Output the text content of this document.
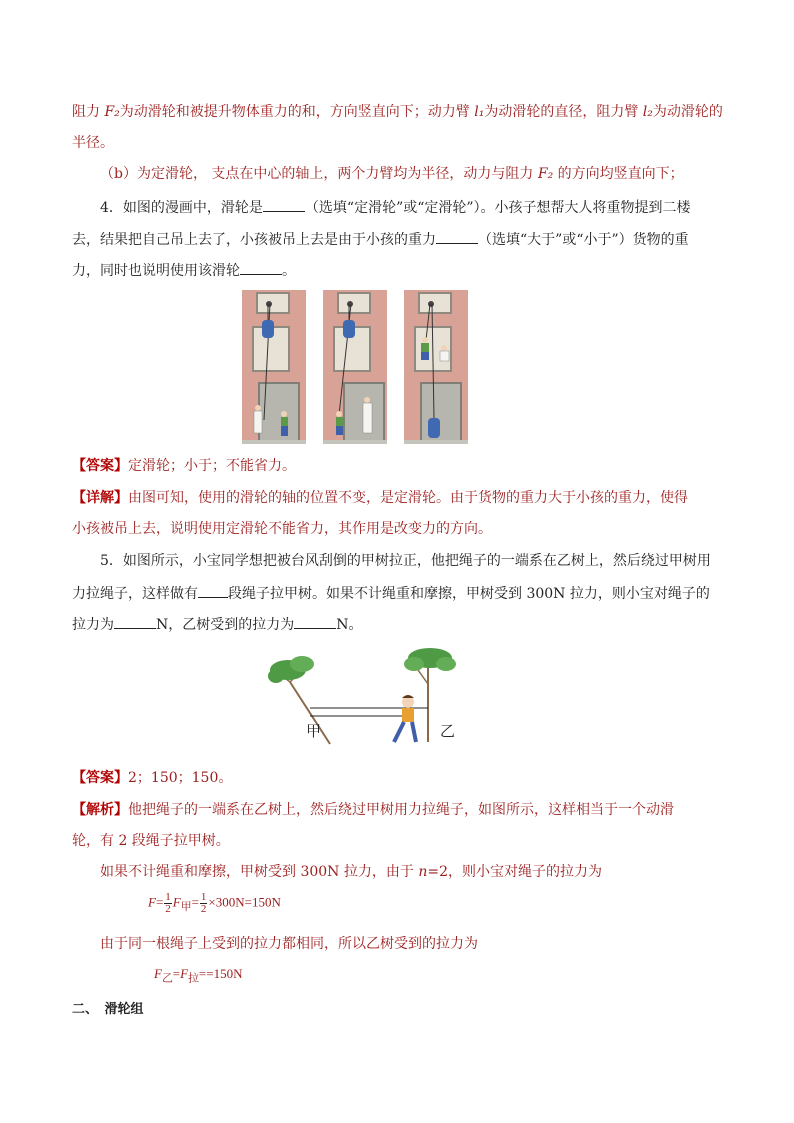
阻力 F₂为动滑轮和被提升物体重力的和，方向竖直向下；动力臂 l₁为动滑轮的直径，阻力臂 l₂为动滑轮的
半径。
（b）为定滑轮， 支点在中心的轴上，两个力臂均为半径，动力与阻力 F₂ 的方向均竖直向下；
4．如图的漫画中，滑轮是	（选填“定滑轮”或“定滑轮”）。小孩子想帮大人将重物提到二楼
去，结果把自己吊上去了，小孩被吊上去是由于小孩的重力	（选填“大于”或“小于”）货物的重
力，同时也说明使用该滑轮	。
【答案】定滑轮；小于；不能省力。
【详解】由图可知，使用的滑轮的轴的位置不变，是定滑轮。由于货物的重力大于小孩的重力，使得
小孩被吊上去，说明使用定滑轮不能省力，其作用是改变力的方向。
5．如图所示，小宝同学想把被台风刮倒的甲树拉正，他把绳子的一端系在乙树上，然后绕过甲树用
力拉绳子，这样做有 段绳子拉甲树。如果不计绳重和摩擦，甲树受到 300N 拉力，则小宝对绳子的
拉力为	N，乙树受到的拉力为	N。
甲	乙
【答案】2；150；150。
【解析】他把绳子的一端系在乙树上，然后绕过甲树用力拉绳子，如图所示，这样相当于一个动滑
轮，有 2 段绳子拉甲树。
如果不计绳重和摩擦，甲树受到 300N 拉力，由于 n=2，则小宝对绳子的拉力为
$F= \frac{1}{2} F_甲= \frac{1}{2} \times 300N=150N$
由于同一根绳子上受到的拉力都相同，所以乙树受到的拉力为
$F_乙=F_拉==150N$
二、　滑轮组
